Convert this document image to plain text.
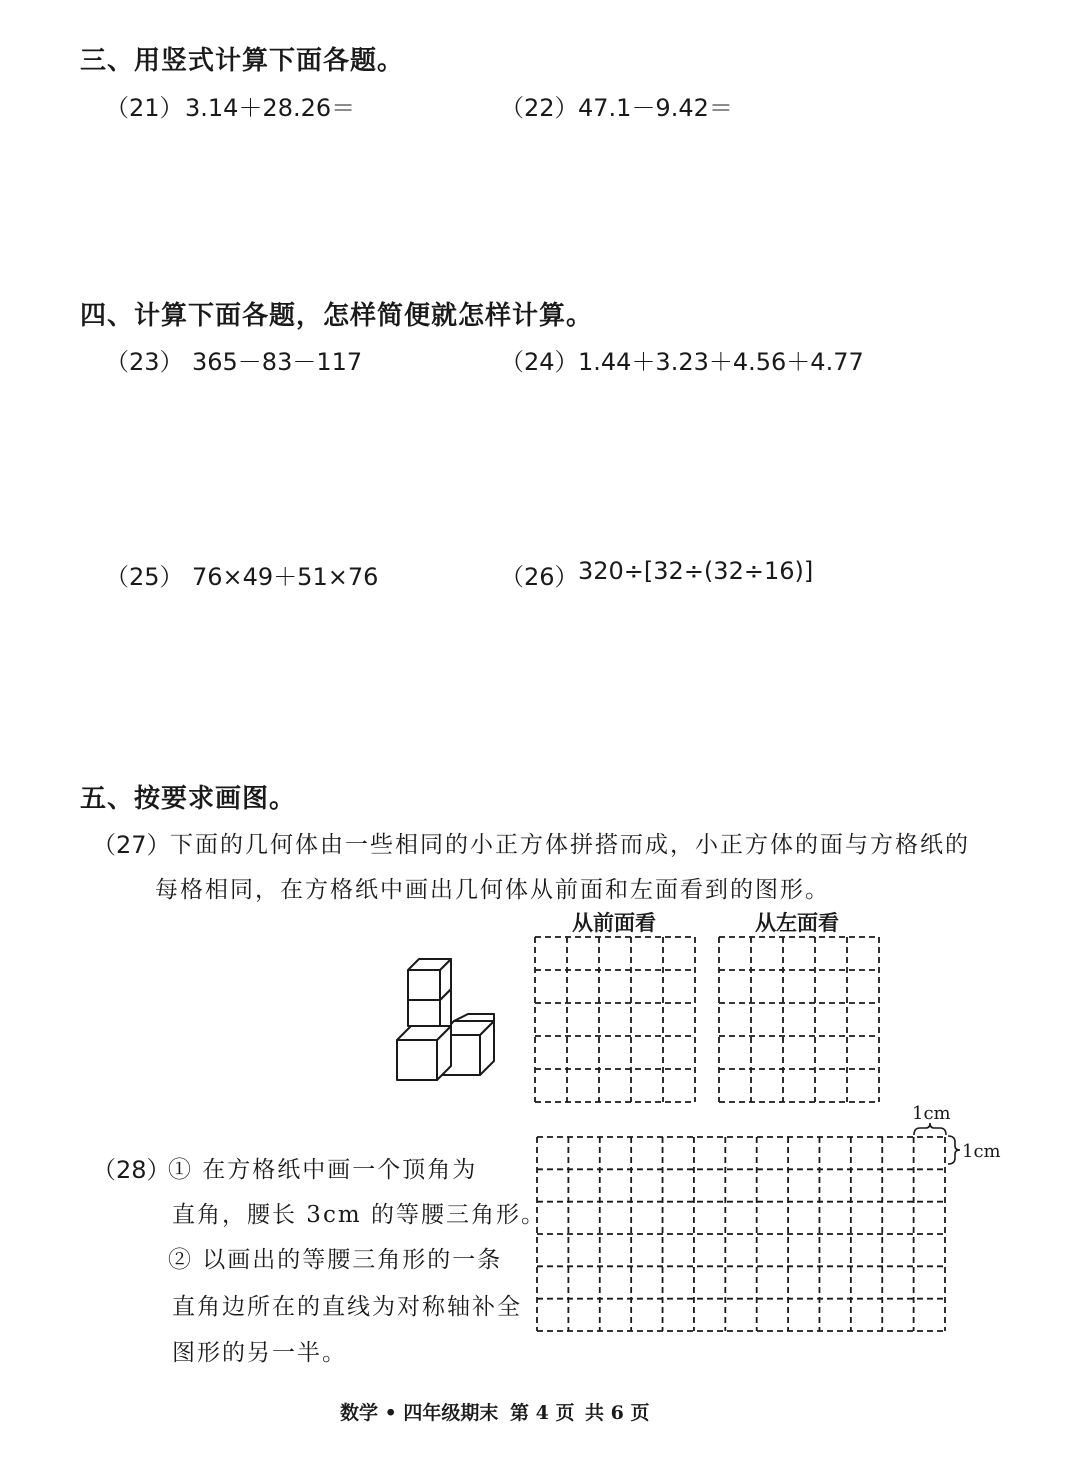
三、用竖式计算下面各题。
（21） 3.14＋28.26＝	（22） 47.1－9.42＝
四、计算下面各题，怎样简便就怎样计算。
（23） 365－83－117	（24） 1.44＋3.23＋4.56＋4.77
（25） 76×49＋51×76	（26） 320÷[32÷(32÷16)]
五、按要求画图。
（27） 下面的几何体由一些相同的小正方体拼搭而成，小正方体的面与方格纸的
每格相同，在方格纸中画出几何体从前面和左面看到的图形。
从前面看	从左面看
（28）
① 在方格纸中画一个顶角为
直角，腰长 3cm 的等腰三角形。
② 以画出的等腰三角形的一条
直角边所在的直线为对称轴补全
图形的另一半。
1cm
1cm
数学 • 四年级期末 第 4 页 共 6 页
